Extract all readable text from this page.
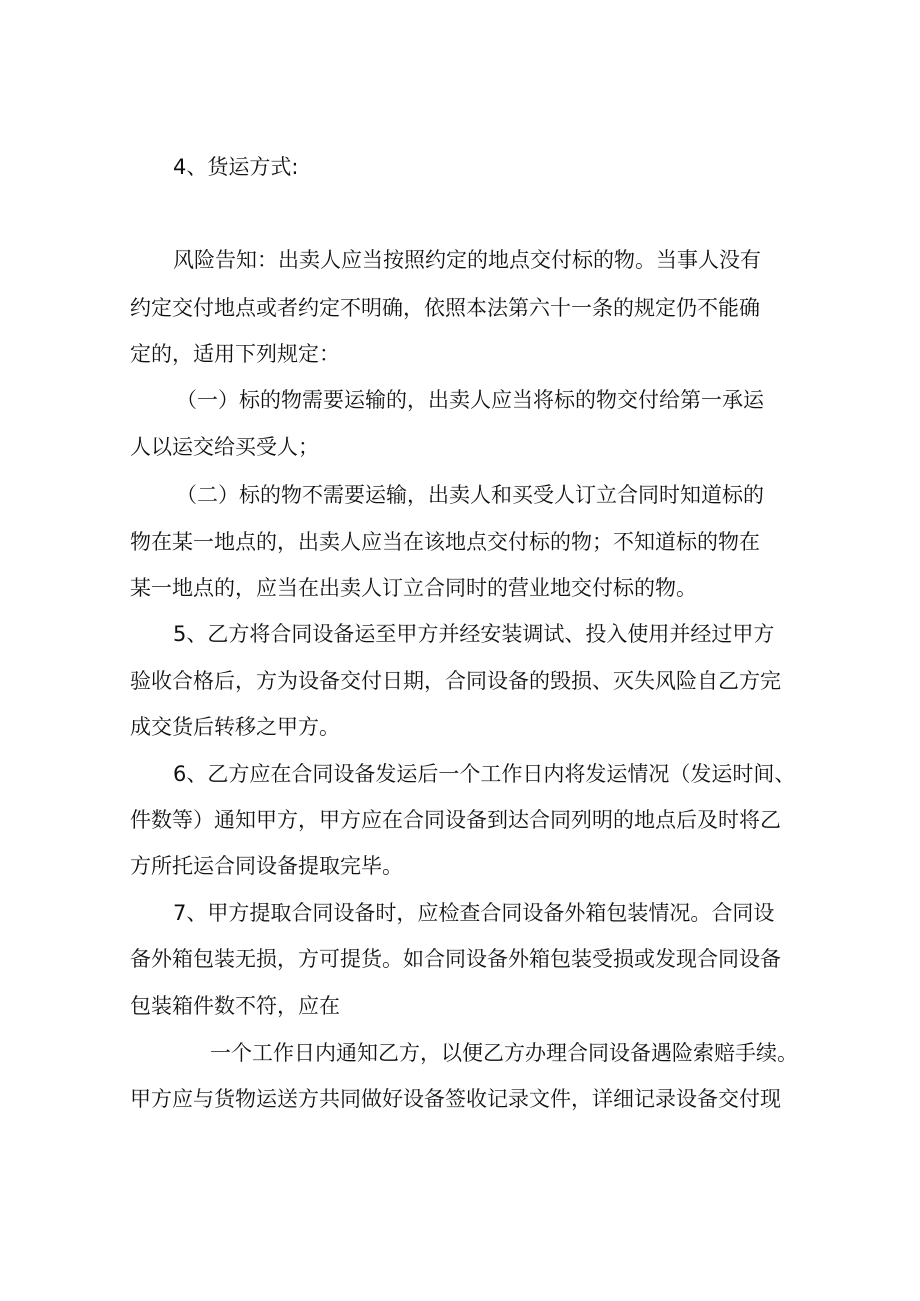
4、货运方式:
风险告知：出卖人应当按照约定的地点交付标的物。当事人没有
约定交付地点或者约定不明确，依照本法第六十一条的规定仍不能确
定的，适用下列规定：
（一）标的物需要运输的，出卖人应当将标的物交付给第一承运
人以运交给买受人；
（二）标的物不需要运输，出卖人和买受人订立合同时知道标的
物在某一地点的，出卖人应当在该地点交付标的物；不知道标的物在
某一地点的，应当在出卖人订立合同时的营业地交付标的物。
5、乙方将合同设备运至甲方并经安装调试、投入使用并经过甲方
验收合格后，方为设备交付日期，合同设备的毁损、灭失风险自乙方完
成交货后转移之甲方。
6、乙方应在合同设备发运后一个工作日内将发运情况（发运时间、
件数等）通知甲方，甲方应在合同设备到达合同列明的地点后及时将乙
方所托运合同设备提取完毕。
7、甲方提取合同设备时，应检查合同设备外箱包装情况。合同设
备外箱包装无损，方可提货。如合同设备外箱包装受损或发现合同设备
包装箱件数不符，应在
一个工作日内通知乙方，以便乙方办理合同设备遇险索赔手续。
甲方应与货物运送方共同做好设备签收记录文件，详细记录设备交付现
